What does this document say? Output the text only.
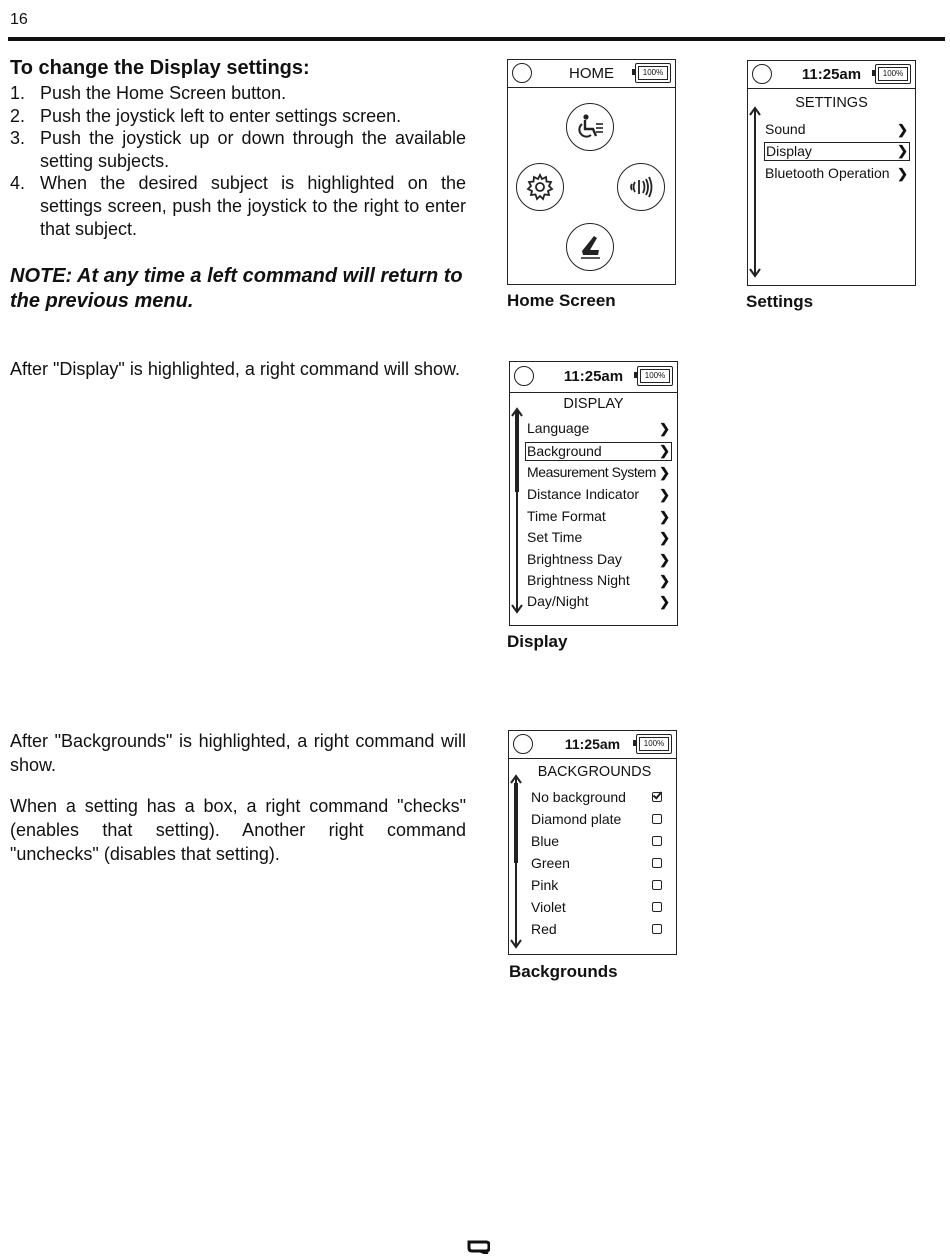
16
To change the Display settings:
1. Push the Home Screen button.
2. Push the joystick left to enter settings screen.
3. Push the joystick up or down through the available setting subjects.
4. When the desired subject is highlighted on the settings screen, push the joystick to the right to enter that subject.
NOTE: At any time a left command will return to the previous menu.
After "Display" is highlighted, a right command will show.
After "Backgrounds" is highlighted, a right command will show.
When a setting has a box, a right command "checks" (enables that setting). Another right command "unchecks" (disables that setting).
HOME	100%
Home Screen
11:25am	100%
SETTINGS
Sound	❯
Display	❯
Bluetooth Operation ❯
Settings
11:25am	100%
DISPLAY
Language	❯
Background	❯
Measurement System ❯
Distance Indicator ❯
Time Format	❯
Set Time	❯
Brightness Day	❯
Brightness Night ❯
Day/Night	❯
Display
11:25am	100%
BACKGROUNDS
No background
Diamond plate
Blue
Green
Pink
Violet
Red
Backgrounds
